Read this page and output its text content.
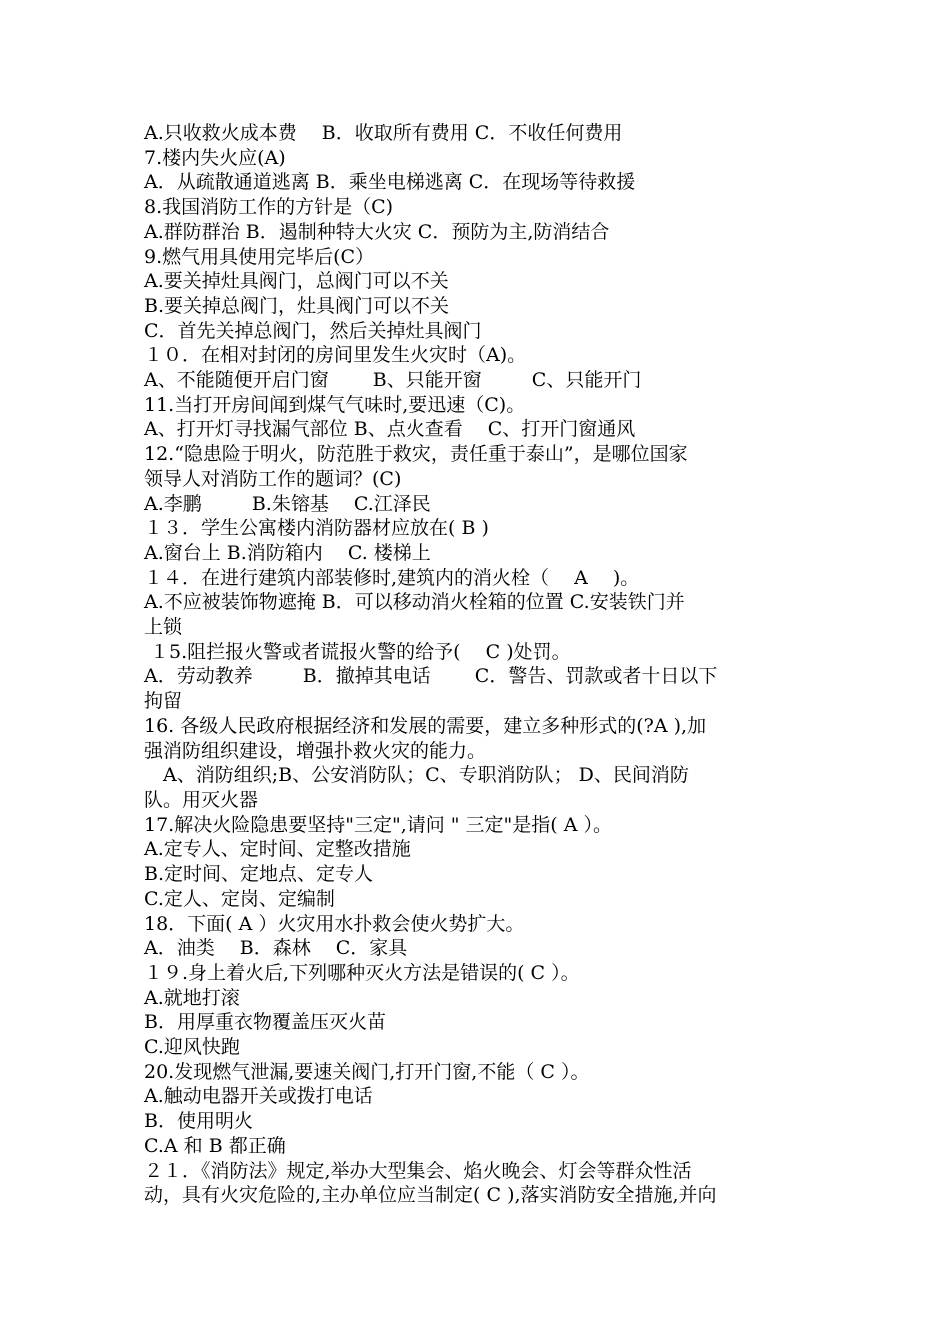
A.只收救火成本费 　B．收取所有费用 C．不收任何费用
7.楼内失火应(A)
A．从疏散通道逃离 B．乘坐电梯逃离 C．在现场等待救援
8.我国消防工作的方针是（C)
A.群防群治 B．遏制种特大火灾 C．预防为主,防消结合
9.燃气用具使用完毕后(C）
A.要关掉灶具阀门，总阀门可以不关
B.要关掉总阀门，灶具阀门可以不关
C．首先关掉总阀门，然后关掉灶具阀门
１０．在相对封闭的房间里发生火灾时（A)。
A、不能随便开启门窗 　　B、只能开窗 　　 C、只能开门
11.当打开房间闻到煤气气味时,要迅速（C)。
A、打开灯寻找漏气部位 B、点火查看 　C、打开门窗通风
12.“隐患险于明火，防范胜于救灾，责任重于泰山”，是哪位国家
领导人对消防工作的题词？(C)
A.李鹏 　　 B.朱镕基 　C.江泽民
１３．学生公寓楼内消防器材应放在( B )
A.窗台上 B.消防箱内 　C. 楼梯上
１４．在进行建筑内部装修时,建筑内的消火栓（ 　A 　)。
A.不应被装饰物遮掩 B．可以移动消火栓箱的位置 C.安装铁门并
上锁
１5.阻拦报火警或者谎报火警的给予( 　C )处罚。
A．劳动教养 　　 B．撤掉其电话 　　C．警告、罚款或者十日以下
拘留
16. 各级人民政府根据经济和发展的需要，建立多种形式的(?A ),加
强消防组织建设，增强扑救火灾的能力。
　A、消防组织;B、公安消防队；C、专职消防队； D、民间消防
队。用灭火器
17.解决火险隐患要坚持"三定",请问 " 三定"是指( A ）。
A.定专人、定时间、定整改措施
B.定时间、定地点、定专人
C.定人、定岗、定编制
18．下面( A ）火灾用水扑救会使火势扩大。
A．油类 　B．森林 　C．家具
１９.身上着火后,下列哪种灭火方法是错误的( C ）。
A.就地打滚
B．用厚重衣物覆盖压灭火苗
C.迎风快跑
20.发现燃气泄漏,要速关阀门,打开门窗,不能（ C ）。
A.触动电器开关或拨打电话
B．使用明火
C.A 和 B 都正确
２１．《消防法》规定,举办大型集会、焰火晚会、灯会等群众性活
动，具有火灾危险的,主办单位应当制定( C ),落实消防安全措施,并向
